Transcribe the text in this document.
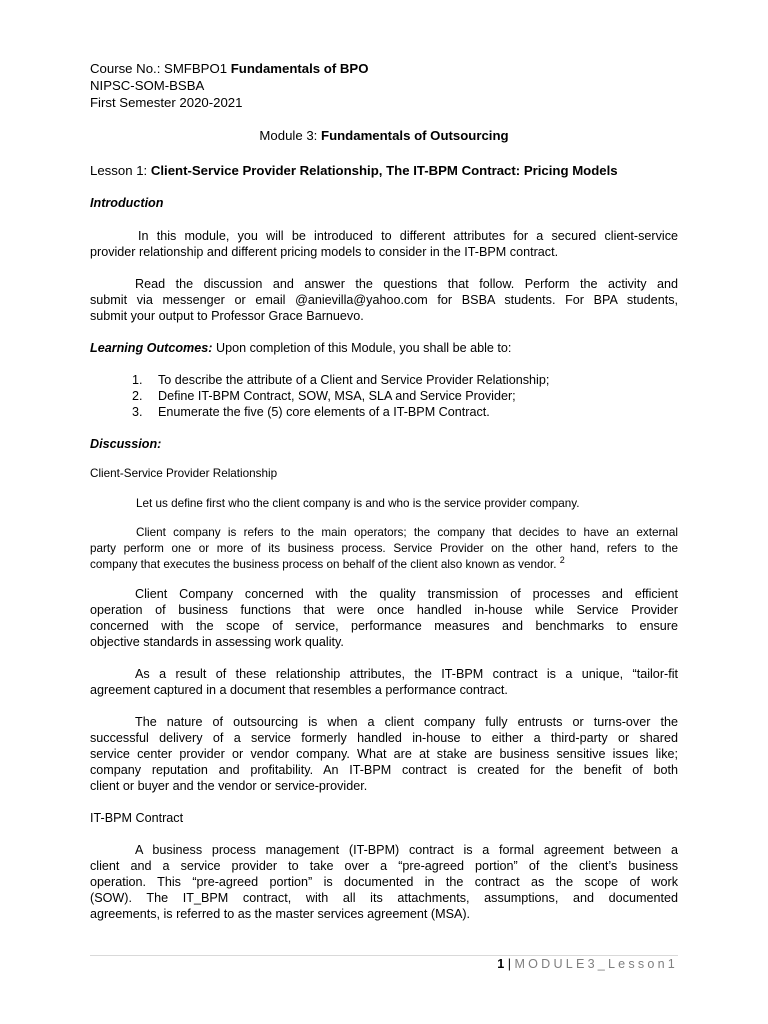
Course No.: SMFBPO1 Fundamentals of BPO
NIPSC-SOM-BSBA
First Semester 2020-2021
Module 3: Fundamentals of Outsourcing
Lesson 1: Client-Service Provider Relationship, The IT-BPM Contract: Pricing Models
Introduction
In this module, you will be introduced to different attributes for a secured client-service
provider relationship and different pricing models to consider in the IT-BPM contract.
Read the discussion and answer the questions that follow. Perform the activity and
submit via messenger or email @anievilla@yahoo.com for BSBA students. For BPA students,
submit your output to Professor Grace Barnuevo.
Learning Outcomes: Upon completion of this Module, you shall be able to:
1. To describe the attribute of a Client and Service Provider Relationship;
2. Define IT-BPM Contract, SOW, MSA, SLA and Service Provider;
3. Enumerate the five (5) core elements of a IT-BPM Contract.
Discussion:
Client-Service Provider Relationship
Let us define first who the client company is and who is the service provider company.
Client company is refers to the main operators; the company that decides to have an external
party perform one or more of its business process. Service Provider on the other hand, refers to the
company that executes the business process on behalf of the client also known as vendor. $^2$
Client Company concerned with the quality transmission of processes and efficient
operation of business functions that were once handled in-house while Service Provider
concerned with the scope of service, performance measures and benchmarks to ensure
objective standards in assessing work quality.
As a result of these relationship attributes, the IT-BPM contract is a unique, “tailor-fit
agreement captured in a document that resembles a performance contract.
The nature of outsourcing is when a client company fully entrusts or turns-over the
successful delivery of a service formerly handled in-house to either a third-party or shared
service center provider or vendor company. What are at stake are business sensitive issues like;
company reputation and profitability. An IT-BPM contract is created for the benefit of both
client or buyer and the vendor or service-provider.
IT-BPM Contract
A business process management (IT-BPM) contract is a formal agreement between a
client and a service provider to take over a “pre-agreed portion” of the client’s business
operation. This “pre-agreed portion” is documented in the contract as the scope of work
(SOW). The IT_BPM contract, with all its attachments, assumptions, and documented
agreements, is referred to as the master services agreement (MSA).
1 | MODULE3_Lesson1
